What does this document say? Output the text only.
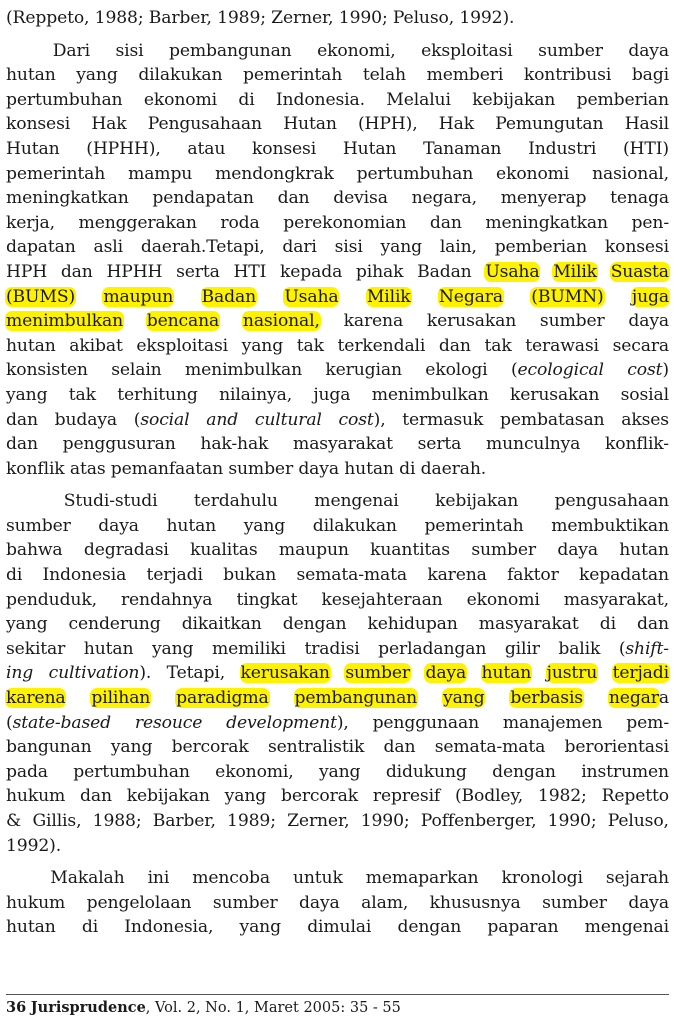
(Reppeto, 1988; Barber, 1989; Zerner, 1990; Peluso, 1992).

Dari sisi pembangunan ekonomi, eksploitasi sumber daya
hutan yang dilakukan pemerintah telah memberi kontribusi bagi
pertumbuhan ekonomi di Indonesia. Melalui kebijakan pemberian
konsesi Hak Pengusahaan Hutan (HPH), Hak Pemungutan Hasil
Hutan (HPHH), atau konsesi Hutan Tanaman Industri (HTI)
pemerintah mampu mendongkrak pertumbuhan ekonomi nasional,
meningkatkan pendapatan dan devisa negara, menyerap tenaga
kerja, menggerakan roda perekonomian dan meningkatkan pen-
dapatan asli daerah.Tetapi, dari sisi yang lain, pemberian konsesi
HPH dan HPHH serta HTI kepada pihak Badan Usaha Milik Suasta
(BUMS) maupun Badan Usaha Milik Negara (BUMN) juga
menimbulkan bencana nasional, karena kerusakan sumber daya
hutan akibat eksploitasi yang tak terkendali dan tak terawasi secara
konsisten selain menimbulkan kerugian ekologi (ecological cost)
yang tak terhitung nilainya, juga menimbulkan kerusakan sosial
dan budaya (social and cultural cost), termasuk pembatasan akses
dan penggusuran hak-hak masyarakat serta munculnya konflik-
konflik atas pemanfaatan sumber daya hutan di daerah.

Studi-studi terdahulu mengenai kebijakan pengusahaan
sumber daya hutan yang dilakukan pemerintah membuktikan
bahwa degradasi kualitas maupun kuantitas sumber daya hutan
di Indonesia terjadi bukan semata-mata karena faktor kepadatan
penduduk, rendahnya tingkat kesejahteraan ekonomi masyarakat,
yang cenderung dikaitkan dengan kehidupan masyarakat di dan
sekitar hutan yang memiliki tradisi perladangan gilir balik (shift-
ing cultivation). Tetapi, kerusakan sumber daya hutan justru terjadi
karena pilihan paradigma pembangunan yang berbasis negara
(state-based resouce development), penggunaan manajemen pem-
bangunan yang bercorak sentralistik dan semata-mata berorientasi
pada pertumbuhan ekonomi, yang didukung dengan instrumen
hukum dan kebijakan yang bercorak represif (Bodley, 1982; Repetto
& Gillis, 1988; Barber, 1989; Zerner, 1990; Poffenberger, 1990; Peluso,
1992).

Makalah ini mencoba untuk memaparkan kronologi sejarah
hukum pengelolaan sumber daya alam, khususnya sumber daya
hutan di Indonesia, yang dimulai dengan paparan mengenai
36 Jurisprudence, Vol. 2, No. 1, Maret 2005: 35 - 55
